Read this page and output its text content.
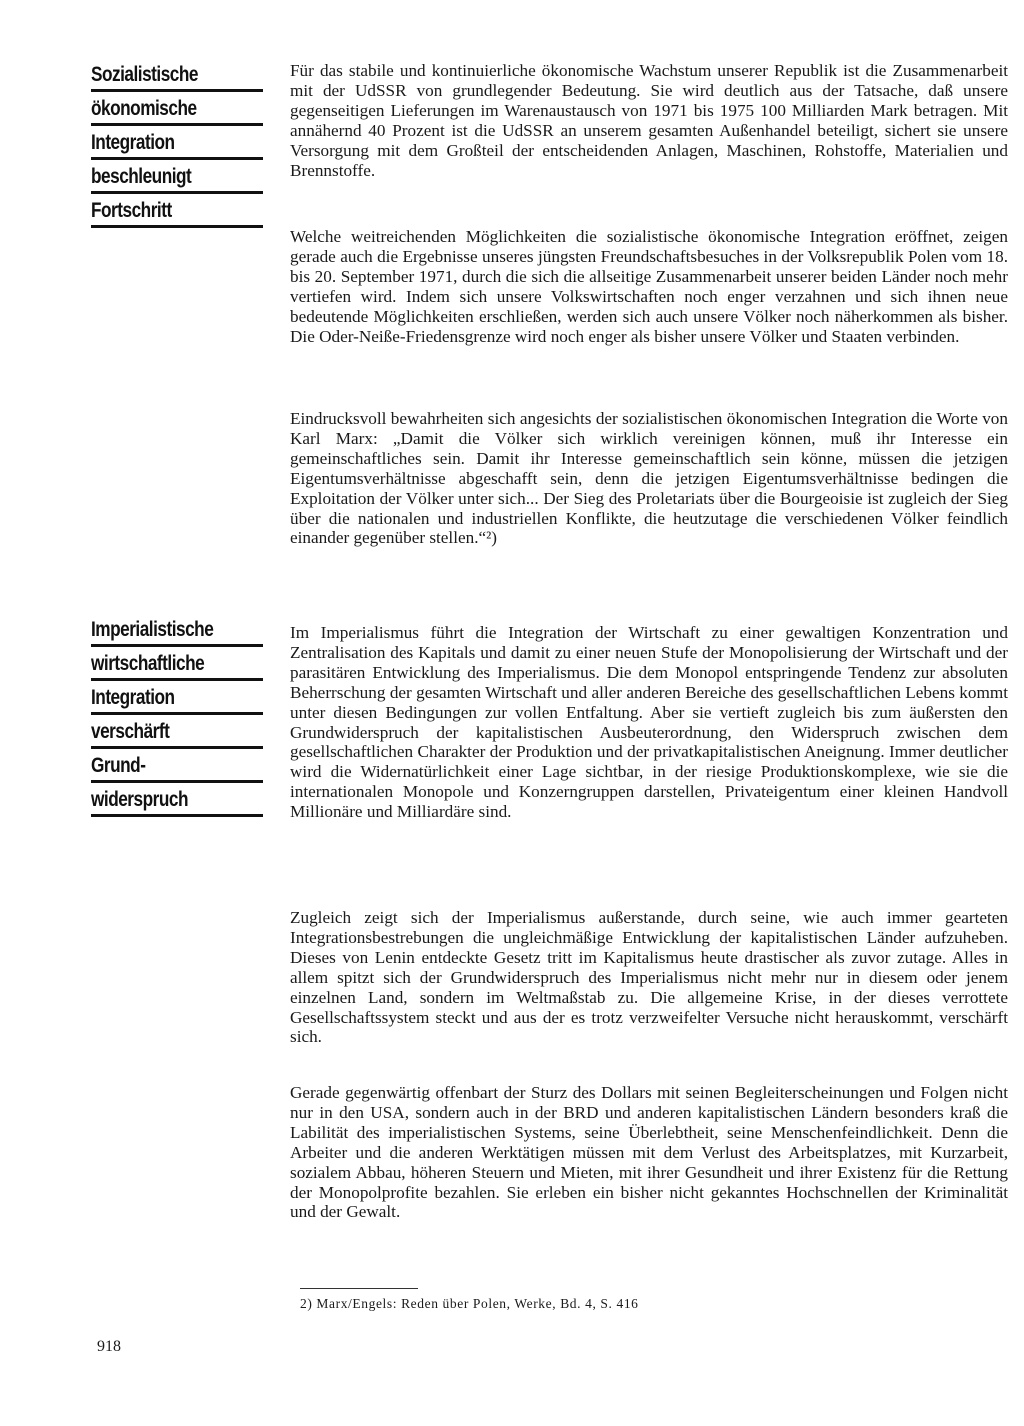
Sozialistische
ökonomische
Integration
beschleunigt
Fortschritt
Imperialistische
wirtschaftliche
Integration
verschärft
Grund-
widerspruch

Für das stabile und kontinuierliche ökonomische Wachstum unserer Republik ist die Zusammenarbeit mit der UdSSR von grundlegender Bedeutung. Sie wird deutlich aus der Tatsache, daß unsere gegenseitigen Lieferungen im Warenaustausch von 1971 bis 1975 100 Milliarden Mark betragen. Mit annähernd 40 Prozent ist die UdSSR an unserem gesamten Außenhandel beteiligt, sichert sie unsere Versorgung mit dem Großteil der entscheidenden Anlagen, Maschinen, Rohstoffe, Materialien und Brennstoffe.

Welche weitreichenden Möglichkeiten die sozialistische ökonomische Integration eröffnet, zeigen gerade auch die Ergebnisse unseres jüngsten Freundschaftsbesuches in der Volksrepublik Polen vom 18. bis 20. September 1971, durch die sich die allseitige Zusammenarbeit unserer beiden Länder noch mehr vertiefen wird. Indem sich unsere Volkswirtschaften noch enger verzahnen und sich ihnen neue bedeutende Möglichkeiten erschließen, werden sich auch unsere Völker noch näherkommen als bisher. Die Oder-Neiße-Friedensgrenze wird noch enger als bisher unsere Völker und Staaten verbinden.

Eindrucksvoll bewahrheiten sich angesichts der sozialistischen ökonomischen Integration die Worte von Karl Marx: „Damit die Völker sich wirklich vereinigen können, muß ihr Interesse ein gemeinschaftliches sein. Damit ihr Interesse gemeinschaftlich sein könne, müssen die jetzigen Eigentumsverhältnisse abgeschafft sein, denn die jetzigen Eigentumsverhältnisse bedingen die Exploitation der Völker unter sich... Der Sieg des Proletariats über die Bourgeoisie ist zugleich der Sieg über die nationalen und industriellen Konflikte, die heutzutage die verschiedenen Völker feindlich einander gegenüber stellen.“²)

Im Imperialismus führt die Integration der Wirtschaft zu einer gewaltigen Konzentration und Zentralisation des Kapitals und damit zu einer neuen Stufe der Monopolisierung der Wirtschaft und der parasitären Entwicklung des Imperialismus. Die dem Monopol entspringende Tendenz zur absoluten Beherrschung der gesamten Wirtschaft und aller anderen Bereiche des gesellschaftlichen Lebens kommt unter diesen Bedingungen zur vollen Entfaltung. Aber sie vertieft zugleich bis zum äußersten den Grundwiderspruch der kapitalistischen Ausbeuterordnung, den Widerspruch zwischen dem gesellschaftlichen Charakter der Produktion und der privatkapitalistischen Aneignung. Immer deutlicher wird die Widernatürlichkeit einer Lage sichtbar, in der riesige Produktionskomplexe, wie sie die internationalen Monopole und Konzerngruppen darstellen, Privateigentum einer kleinen Handvoll Millionäre und Milliardäre sind.

Zugleich zeigt sich der Imperialismus außerstande, durch seine, wie auch immer gearteten Integrationsbestrebungen die ungleichmäßige Entwicklung der kapitalistischen Länder aufzuheben. Dieses von Lenin entdeckte Gesetz tritt im Kapitalismus heute drastischer als zuvor zutage. Alles in allem spitzt sich der Grundwiderspruch des Imperialismus nicht mehr nur in diesem oder jenem einzelnen Land, sondern im Weltmaßstab zu. Die allgemeine Krise, in der dieses verrottete Gesellschaftssystem steckt und aus der es trotz verzweifelter Versuche nicht herauskommt, verschärft sich.

Gerade gegenwärtig offenbart der Sturz des Dollars mit seinen Begleiterscheinungen und Folgen nicht nur in den USA, sondern auch in der BRD und anderen kapitalistischen Ländern besonders kraß die Labilität des imperialistischen Systems, seine Überlebtheit, seine Menschenfeindlichkeit. Denn die Arbeiter und die anderen Werktätigen müssen mit dem Verlust des Arbeitsplatzes, mit Kurzarbeit, sozialem Abbau, höheren Steuern und Mieten, mit ihrer Gesundheit und ihrer Existenz für die Rettung der Monopolprofite bezahlen. Sie erleben ein bisher nicht gekanntes Hochschnellen der Kriminalität und der Gewalt.

2) Marx/Engels: Reden über Polen, Werke, Bd. 4, S. 416
918
